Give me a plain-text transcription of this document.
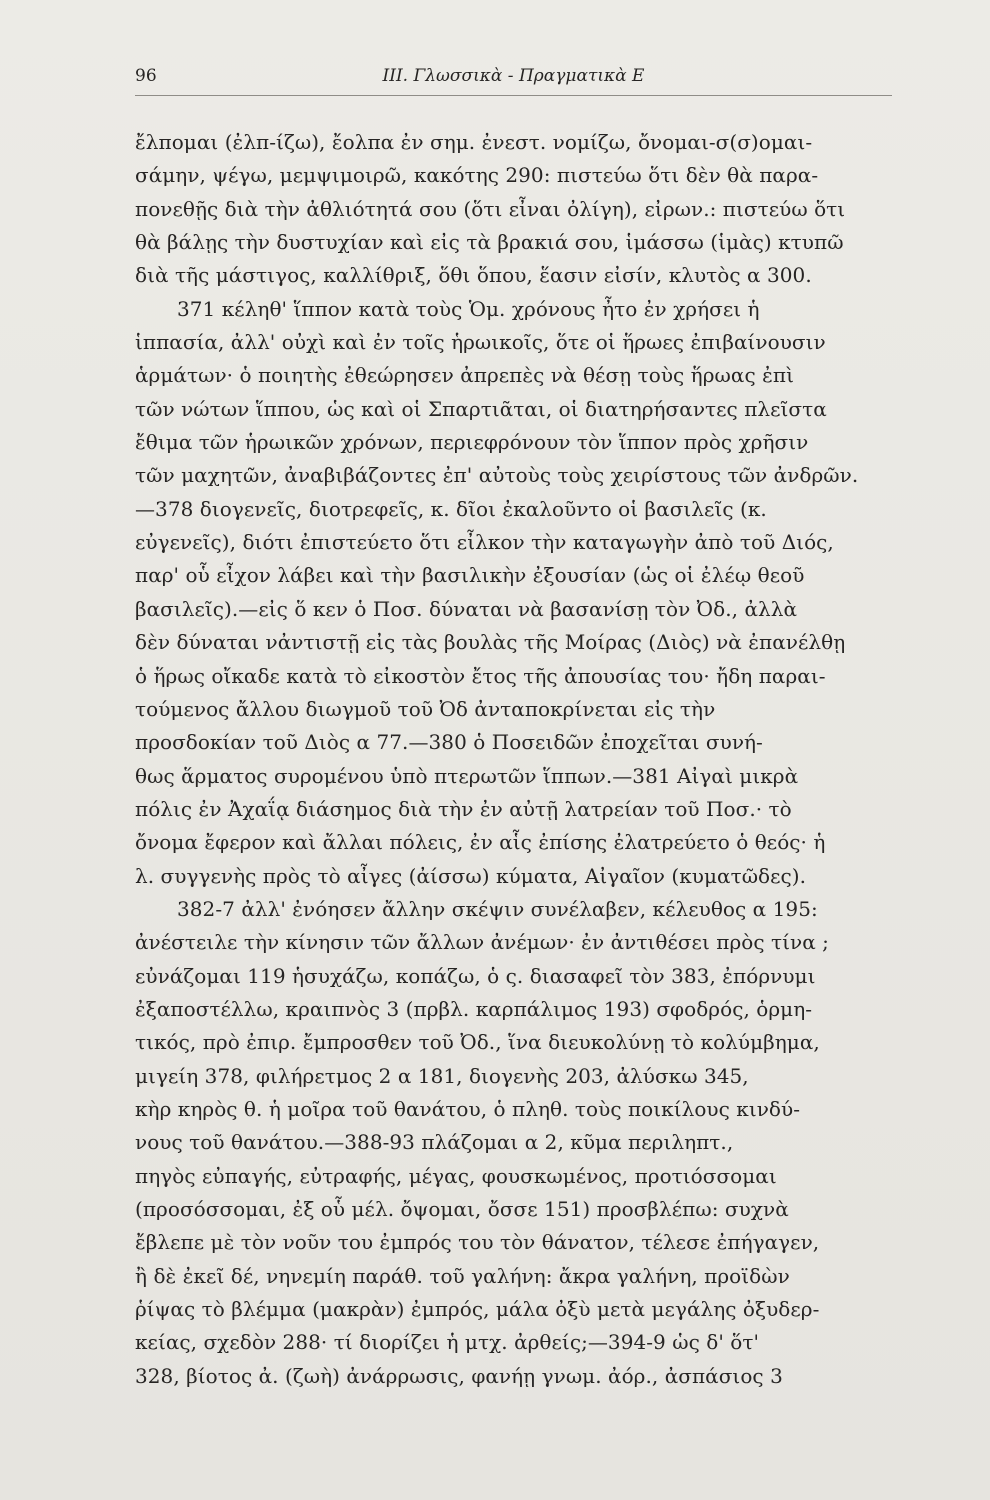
96	III. Γλωσσικὰ - Πραγματικὰ Ε
ἔλπομαι (ἐλπ-ίζω), ἔολπα ἐν σημ. ἐνεστ. νομίζω, ὄνομαι-σ(σ)ομαι-
σάμην, ψέγω, μεμψιμοιρῶ, κακότης 290: πιστεύω ὅτι δὲν θὰ παρα-
πονεθῇς διὰ τὴν ἀθλιότητά σου (ὅτι εἶναι ὀλίγη), εἰρων.: πιστεύω ὅτι
θὰ βάλῃς τὴν δυστυχίαν καὶ εἰς τὰ βρακιά σου, ἱμάσσω (ἱμὰς) κτυπῶ
διὰ τῆς μάστιγος, καλλίθριξ, ὅθι ὅπου, ἕασιν εἰσίν, κλυτὸς α 300.
371 κέληθ' ἵππον κατὰ τοὺς Ὁμ. χρόνους ἦτο ἐν χρήσει ἡ
ἱππασία, ἀλλ' οὐχὶ καὶ ἐν τοῖς ἡρωικοῖς, ὅτε οἱ ἥρωες ἐπιβαίνουσιν
ἁρμάτων· ὁ ποιητὴς ἐθεώρησεν ἀπρεπὲς νὰ θέσῃ τοὺς ἥρωας ἐπὶ
τῶν νώτων ἵππου, ὡς καὶ οἱ Σπαρτιᾶται, οἱ διατηρήσαντες πλεῖστα
ἔθιμα τῶν ἡρωικῶν χρόνων, περιεφρόνουν τὸν ἵππον πρὸς χρῆσιν
τῶν μαχητῶν, ἀναβιβάζοντες ἐπ' αὐτοὺς τοὺς χειρίστους τῶν ἀνδρῶν.
—378 διογενεῖς, διοτρεφεῖς, κ. δῖοι ἐκαλοῦντο οἱ βασιλεῖς (κ.
εὐγενεῖς), διότι ἐπιστεύετο ὅτι εἶλκον τὴν καταγωγὴν ἀπὸ τοῦ Διός,
παρ' οὗ εἶχον λάβει καὶ τὴν βασιλικὴν ἐξουσίαν (ὡς οἱ ἐλέῳ θεοῦ
βασιλεῖς).—εἰς ὅ κεν ὁ Ποσ. δύναται νὰ βασανίσῃ τὸν Ὀδ., ἀλλὰ
δὲν δύναται νἀντιστῇ εἰς τὰς βουλὰς τῆς Μοίρας (Διὸς) νὰ ἐπανέλθῃ
ὁ ἥρως οἴκαδε κατὰ τὸ εἰκοστὸν ἔτος τῆς ἀπουσίας του· ἤδη παραι-
τούμενος ἄλλου διωγμοῦ τοῦ Ὀδ ἀνταποκρίνεται εἰς τὴν
προσδοκίαν τοῦ Διὸς α 77.—380 ὁ Ποσειδῶν ἐποχεῖται συνή-
θως ἅρματος συρομένου ὑπὸ πτερωτῶν ἵππων.—381 Αἰγαὶ μικρὰ
πόλις ἐν Ἀχαΐᾳ διάσημος διὰ τὴν ἐν αὐτῇ λατρείαν τοῦ Ποσ.· τὸ
ὄνομα ἔφερον καὶ ἄλλαι πόλεις, ἐν αἷς ἐπίσης ἐλατρεύετο ὁ θεός· ἡ
λ. συγγενὴς πρὸς τὸ αἶγες (ἀίσσω) κύματα, Αἰγαῖον (κυματῶδες).
382-7 ἀλλ' ἐνόησεν ἄλλην σκέψιν συνέλαβεν, κέλευθος α 195:
ἀνέστειλε τὴν κίνησιν τῶν ἄλλων ἀνέμων· ἐν ἀντιθέσει πρὸς τίνα ;
εὐνάζομαι 119 ἡσυχάζω, κοπάζω, ὁ ς. διασαφεῖ τὸν 383, ἐπόρνυμι
ἐξαποστέλλω, κραιπνὸς 3 (πρβλ. καρπάλιμος 193) σφοδρός, ὁρμη-
τικός, πρὸ ἐπιρ. ἔμπροσθεν τοῦ Ὀδ., ἵνα διευκολύνῃ τὸ κολύμβημα,
μιγείη 378, φιλήρετμος 2 α 181, διογενὴς 203, ἀλύσκω 345,
κὴρ κηρὸς θ. ἡ μοῖρα τοῦ θανάτου, ὁ πληθ. τοὺς ποικίλους κινδύ-
νους τοῦ θανάτου.—388-93 πλάζομαι α 2, κῦμα περιληπτ.,
πηγὸς εὐπαγής, εὐτραφής, μέγας, φουσκωμένος, προτιόσσομαι
(προσόσσομαι, ἐξ οὗ μέλ. ὄψομαι, ὄσσε 151) προσβλέπω: συχνὰ
ἔβλεπε μὲ τὸν νοῦν του ἐμπρός του τὸν θάνατον, τέλεσε ἐπήγαγεν,
ἢ δὲ ἐκεῖ δέ, νηνεμίη παράθ. τοῦ γαλήνη: ἄκρα γαλήνη, προϊδὼν
ῥίψας τὸ βλέμμα (μακρὰν) ἐμπρός, μάλα ὀξὺ μετὰ μεγάλης ὀξυδερ-
κείας, σχεδὸν 288· τί διορίζει ἡ μτχ. ἀρθείς;—394-9 ὡς δ' ὅτ'
328, βίοτος ἀ. (ζωὴ) ἀνάρρωσις, φανήῃ γνωμ. ἀόρ., ἀσπάσιος 3
